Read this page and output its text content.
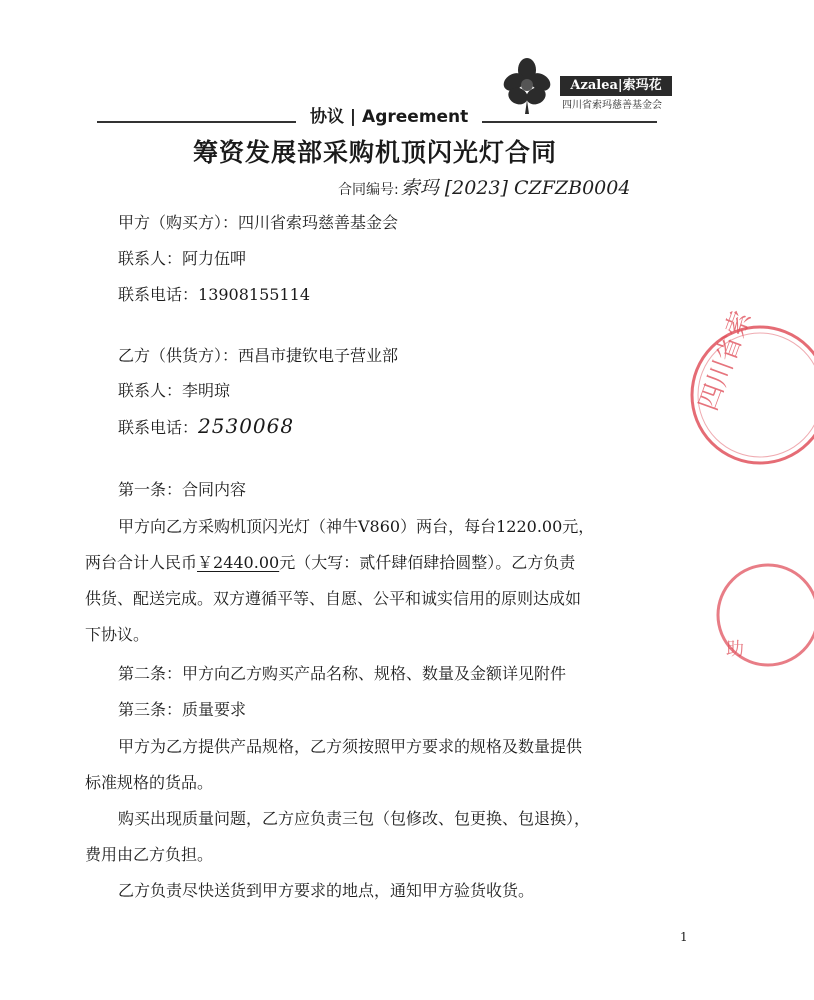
Azalea|索玛花
四川省索玛慈善基金会
协议 | Agreement
筹资发展部采购机顶闪光灯合同
合同编号: 索玛 [2023] CZFZB0004
甲方（购买方）：四川省索玛慈善基金会
联系人：阿力伍呷
联系电话：13908155114
乙方（供货方）：西昌市捷钦电子营业部
联系人：李明琼
联系电话：2530068
第一条：合同内容
甲方向乙方采购机顶闪光灯（神牛V860）两台，每台1220.00元，
两台合计人民币￥2440.00元（大写：贰仟肆佰肆拾圆整）。乙方负责
供货、配送完成。双方遵循平等、自愿、公平和诚实信用的原则达成如
下协议。
第二条：甲方向乙方购买产品名称、规格、数量及金额详见附件
第三条：质量要求
甲方为乙方提供产品规格，乙方须按照甲方要求的规格及数量提供
标准规格的货品。
购买出现质量问题，乙方应负责三包（包修改、包更换、包退换），
费用由乙方负担。
乙方负责尽快送货到甲方要求的地点，通知甲方验货收货。
1
四川省索
助
